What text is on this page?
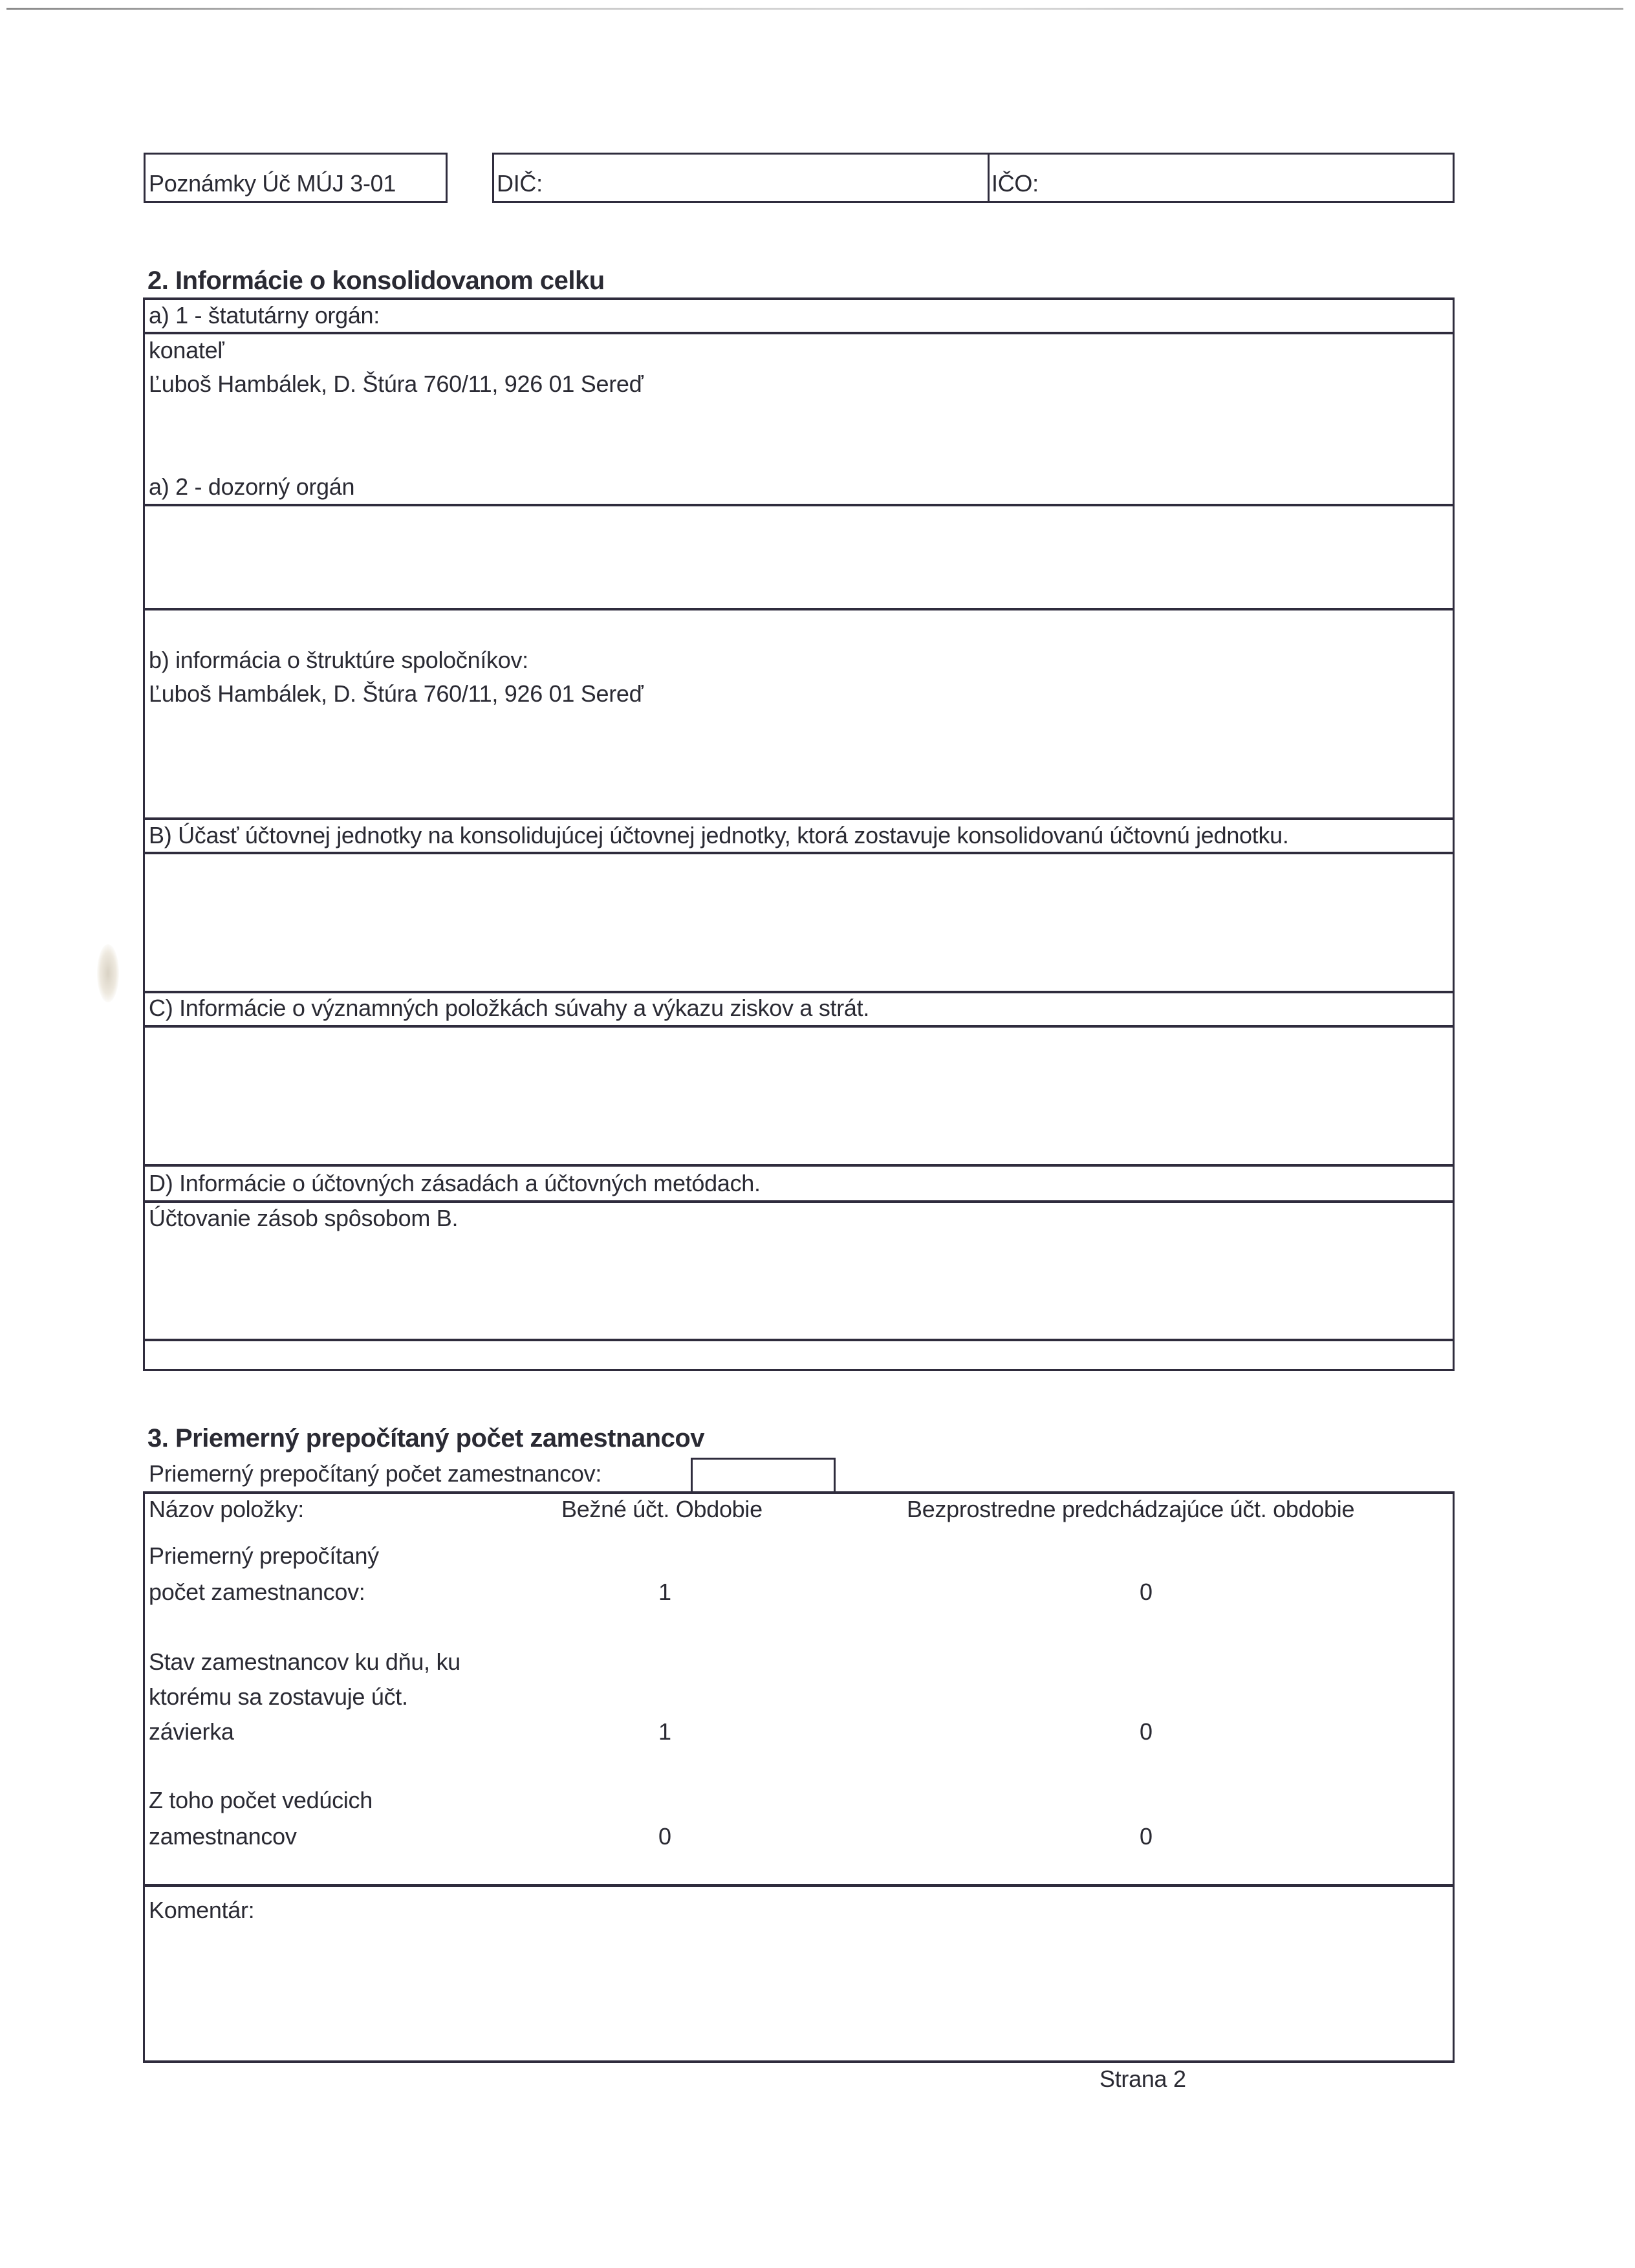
Poznámky Úč MÚJ 3-01	DIČ:	IČO:
2. Informácie o konsolidovanom celku
a) 1 - štatutárny orgán:
konateľ
Ľuboš Hambálek, D. Štúra 760/11, 926 01 Sereď
a) 2 - dozorný orgán
b) informácia o štruktúre spoločníkov:
Ľuboš Hambálek, D. Štúra 760/11, 926 01 Sereď
B) Účasť účtovnej jednotky na konsolidujúcej účtovnej jednotky, ktorá zostavuje konsolidovanú účtovnú jednotku.
C) Informácie o významných položkách súvahy a výkazu ziskov a strát.
D) Informácie o účtovných zásadách a účtovných metódach.
Účtovanie zásob spôsobom B.
3. Priemerný prepočítaný počet zamestnancov
Priemerný prepočítaný počet zamestnancov:
Názov položky:	Bežné účt. Obdobie	Bezprostredne predchádzajúce účt. obdobie
Priemerný prepočítaný
počet zamestnancov:	1	0
Stav zamestnancov ku dňu, ku
ktorému sa zostavuje účt.
závierka	1	0
Z toho počet vedúcich
zamestnancov	0	0
Komentár:
Strana 2
